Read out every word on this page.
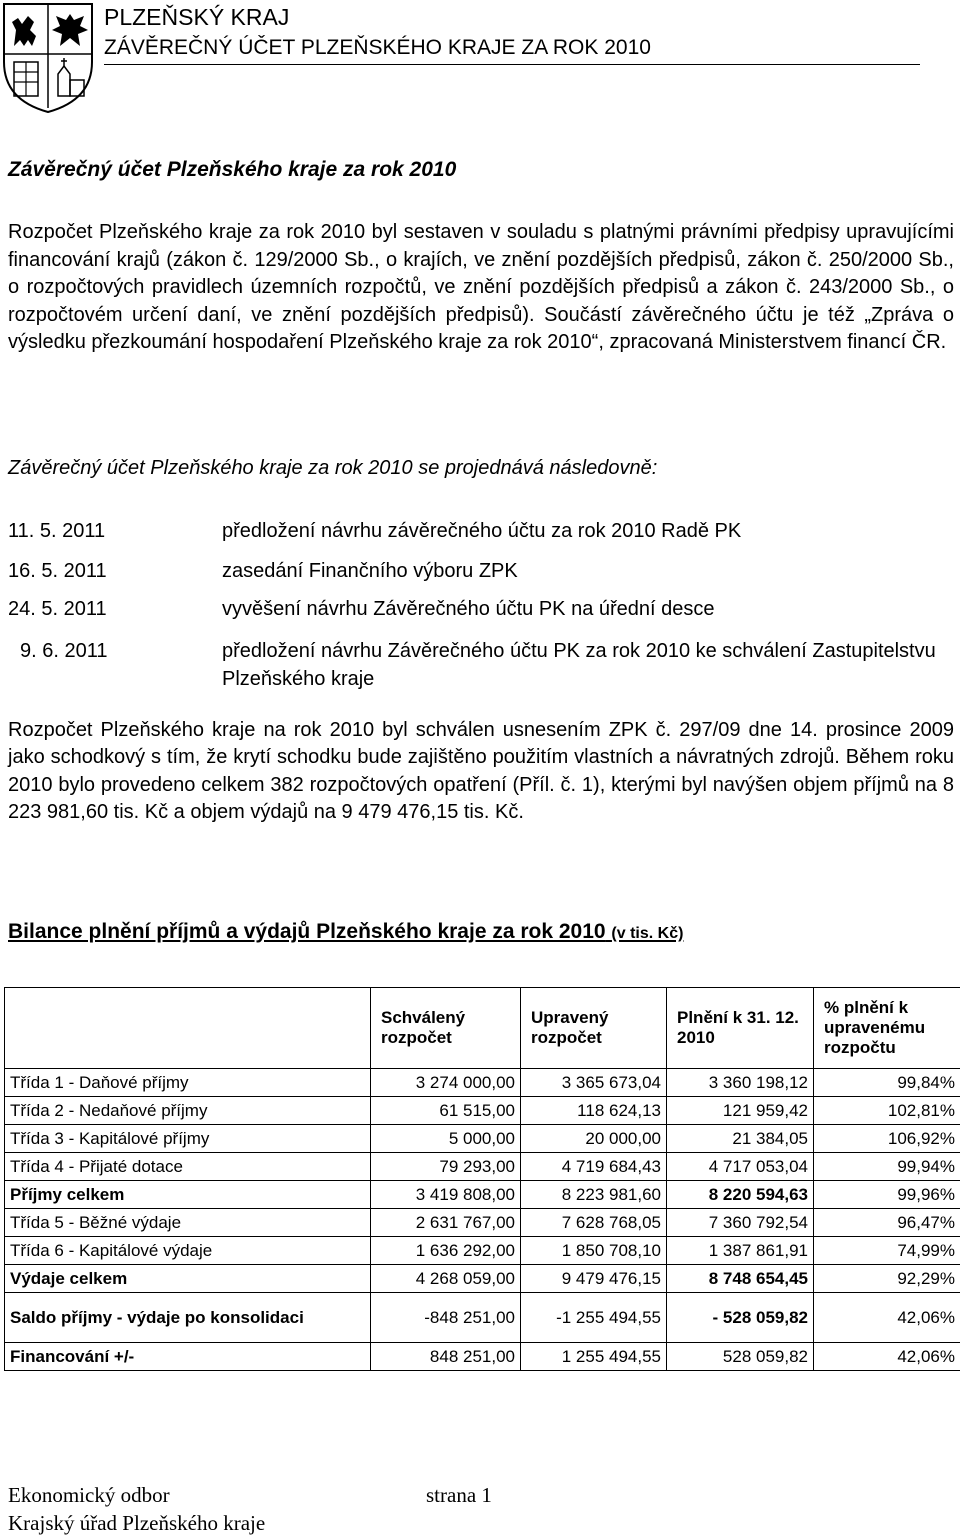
PLZEŇSKÝ KRAJ
ZÁVĚREČNÝ ÚČET PLZEŇSKÉHO KRAJE ZA ROK 2010
Závěrečný účet Plzeňského kraje za rok 2010
Rozpočet Plzeňského kraje za rok 2010 byl sestaven v souladu s platnými právními předpisy upravujícími financování krajů (zákon č. 129/2000 Sb., o krajích, ve znění pozdějších předpisů, zákon č. 250/2000 Sb., o rozpočtových pravidlech územních rozpočtů, ve znění pozdějších předpisů a zákon č. 243/2000 Sb., o rozpočtovém určení daní, ve znění pozdějších předpisů). Součástí závěrečného účtu je též „Zpráva o výsledku přezkoumání hospodaření Plzeňského kraje za rok 2010“, zpracovaná Ministerstvem financí ČR.
Závěrečný účet Plzeňského kraje za rok 2010 se projednává následovně:
11. 5. 2011	předložení návrhu závěrečného účtu za rok 2010 Radě PK
16. 5. 2011	zasedání Finančního výboru ZPK
24. 5. 2011	vyvěšení návrhu Závěrečného účtu PK na úřední desce
9. 6. 2011	předložení návrhu Závěrečného účtu PK za rok 2010 ke schválení Zastupitelstvu Plzeňského kraje
Rozpočet Plzeňského kraje na rok 2010 byl schválen usnesením ZPK č. 297/09 dne 14. prosince 2009 jako schodkový s tím, že krytí schodku bude zajištěno použitím vlastních a návratných zdrojů. Během roku 2010 bylo provedeno celkem 382 rozpočtových opatření (Příl. č. 1), kterými byl navýšen objem příjmů na 8 223 981,60 tis. Kč a objem výdajů na 9 479 476,15 tis. Kč.
Bilance plnění příjmů a výdajů Plzeňského kraje za rok 2010 (v tis. Kč)
	Schválený rozpočet	Upravený rozpočet	Plnění k 31. 12. 2010	% plnění k upravenému rozpočtu
Třída 1 - Daňové příjmy	3 274 000,00	3 365 673,04	3 360 198,12	99,84%
Třída 2 - Nedaňové příjmy	61 515,00	118 624,13	121 959,42	102,81%
Třída 3 - Kapitálové příjmy	5 000,00	20 000,00	21 384,05	106,92%
Třída 4 - Přijaté dotace	79 293,00	4 719 684,43	4 717 053,04	99,94%
Příjmy celkem	3 419 808,00	8 223 981,60	8 220 594,63	99,96%
Třída 5 - Běžné výdaje	2 631 767,00	7 628 768,05	7 360 792,54	96,47%
Třída 6 - Kapitálové výdaje	1 636 292,00	1 850 708,10	1 387 861,91	74,99%
Výdaje celkem	4 268 059,00	9 479 476,15	8 748 654,45	92,29%
Saldo příjmy - výdaje po konsolidaci	-848 251,00	-1 255 494,55	- 528 059,82	42,06%
Financování +/-	848 251,00	1 255 494,55	528 059,82	42,06%
Ekonomický odbor	strana 1
Krajský úřad Plzeňského kraje
